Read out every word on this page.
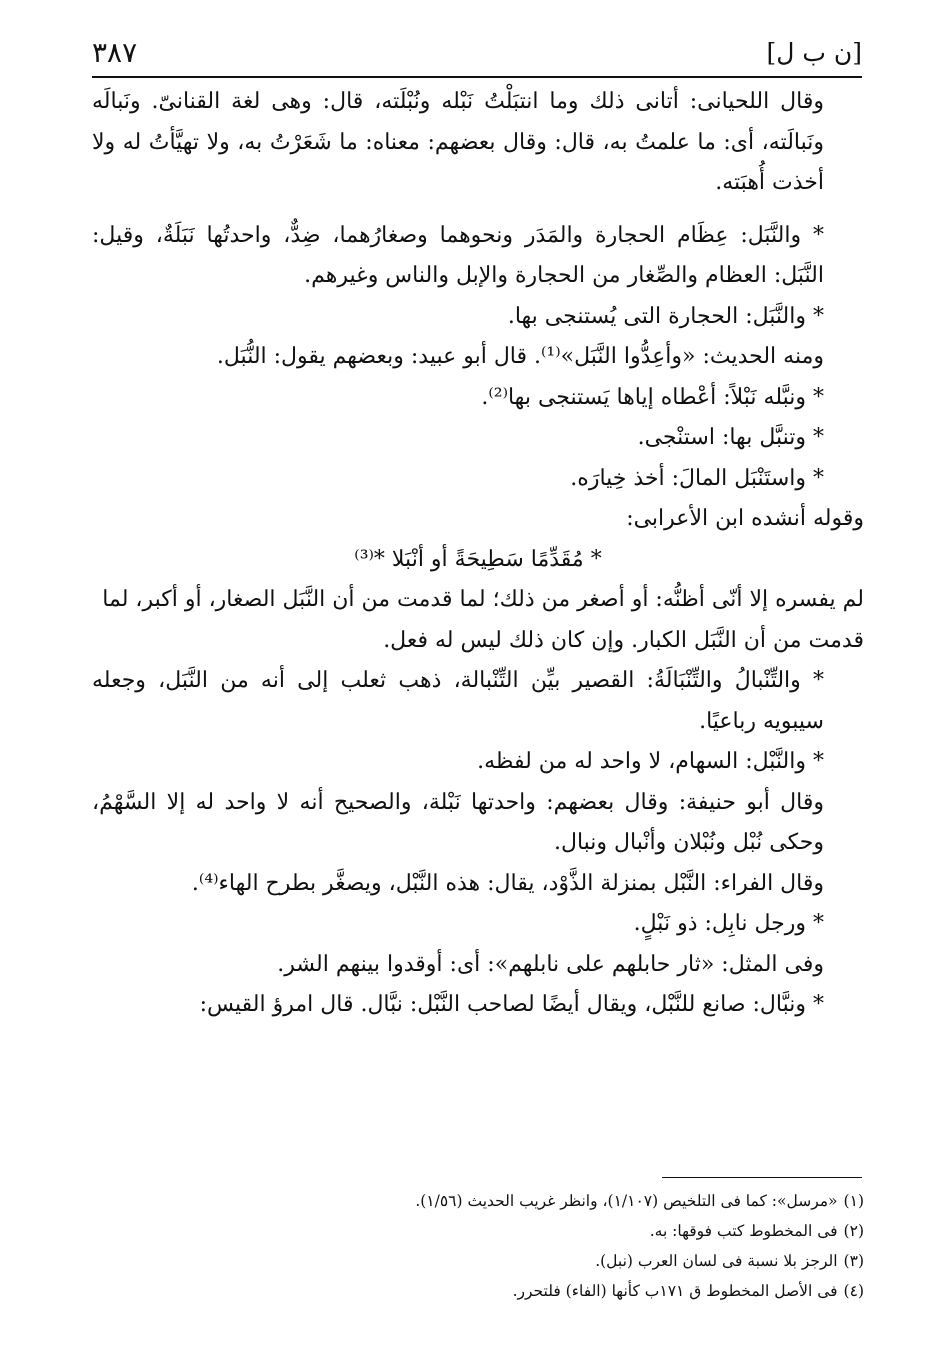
[ن ب ل]
٣٨٧

وقال اللحيانى: أتانى ذلك وما انتبَلْتُ نَبْله ونُبْلَته، قال: وهى لغة القنانىّ. ونَبالَه ونَبالَته، أى: ما علمتُ به، قال: وقال بعضهم: معناه: ما شَعَرْتُ به، ولا تهيَّأتُ له ولا أخذت أُهبَته.

* والنَّبَل: عِظَام الحجارة والمَدَر ونحوهما وصغارُهما، ضِدٌّ، واحدتُها نَبَلَةٌ، وقيل: النَّبَل: العظام والصِّغار من الحجارة والإبل والناس وغيرهم.

* والنَّبَل: الحجارة التى يُستنجى بها.

ومنه الحديث: «وأعِدُّوا النَّبَل»⁽¹⁾. قال أبو عبيد: وبعضهم يقول: النُّبَل.

* ونبَّله نَبْلاً: أعْطاه إياها يَستنجى بها⁽²⁾.

* وتنبَّل بها: استنْجى.

* واستَنْبَل المالَ: أخذ خِيارَه.

وقوله أنشده ابن الأعرابى:

* مُقَدِّمًا سَطِيحَةً أو أنْبَلا *⁽³⁾

لم يفسره إلا أنّى أظنُّه: أو أصغر من ذلك؛ لما قدمت من أن النَّبَل الصغار، أو أكبر، لما قدمت من أن النَّبَل الكبار. وإن كان ذلك ليس له فعل.

* والتِّنْبالُ والتِّنْبَالَةُ: القصير بيِّن التِّنْبالة، ذهب ثعلب إلى أنه من النَّبَل، وجعله سيبويه رباعيًا.

* والنَّبْل: السهام، لا واحد له من لفظه.

وقال أبو حنيفة: وقال بعضهم: واحدتها نَبْلة، والصحيح أنه لا واحد له إلا السَّهْمُ، وحكى نُبْل ونُبْلان وأنْبال ونبال.

وقال الفراء: النَّبْل بمنزلة الذَّوْد، يقال: هذه النَّبْل، ويصغَّر بطرح الهاء⁽⁴⁾.

* ورجل نابِل: ذو نَبْلٍ.

وفى المثل: «ثار حابلهم على نابلهم»: أى: أوقدوا بينهم الشر.

* ونبَّال: صانع للنَّبْل، ويقال أيضًا لصاحب النَّبْل: نبَّال. قال امرؤ القيس:

(١)«مرسل»: كما فى التلخيص (١/١٠٧)، وانظر غريب الحديث (١/٥٦).

(٢)فى المخطوط كتب فوقها: به.

(٣)الرجز بلا نسبة فى لسان العرب (نبل).

(٤)فى الأصل المخطوط ق ١٧١ب كأنها (الفاء) فلتحرر.
